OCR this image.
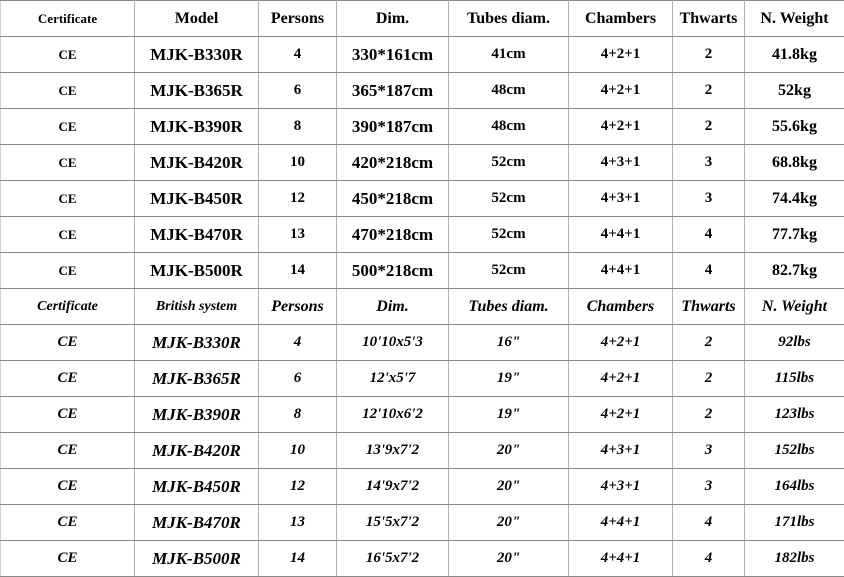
Certificate	Model	Persons	Dim.	Tubes diam.	Chambers	Thwarts	N. Weight
CE	MJK-B330R	4	330*161cm	41cm	4+2+1	2	41.8kg
CE	MJK-B365R	6	365*187cm	48cm	4+2+1	2	52kg
CE	MJK-B390R	8	390*187cm	48cm	4+2+1	2	55.6kg
CE	MJK-B420R	10	420*218cm	52cm	4+3+1	3	68.8kg
CE	MJK-B450R	12	450*218cm	52cm	4+3+1	3	74.4kg
CE	MJK-B470R	13	470*218cm	52cm	4+4+1	4	77.7kg
CE	MJK-B500R	14	500*218cm	52cm	4+4+1	4	82.7kg
Certificate	British system	Persons	Dim.	Tubes diam.	Chambers	Thwarts	N. Weight
CE	MJK-B330R	4	10'10x5'3	16"	4+2+1	2	92lbs
CE	MJK-B365R	6	12'x5'7	19"	4+2+1	2	115lbs
CE	MJK-B390R	8	12'10x6'2	19"	4+2+1	2	123lbs
CE	MJK-B420R	10	13'9x7'2	20"	4+3+1	3	152lbs
CE	MJK-B450R	12	14'9x7'2	20"	4+3+1	3	164lbs
CE	MJK-B470R	13	15'5x7'2	20"	4+4+1	4	171lbs
CE	MJK-B500R	14	16'5x7'2	20"	4+4+1	4	182lbs
